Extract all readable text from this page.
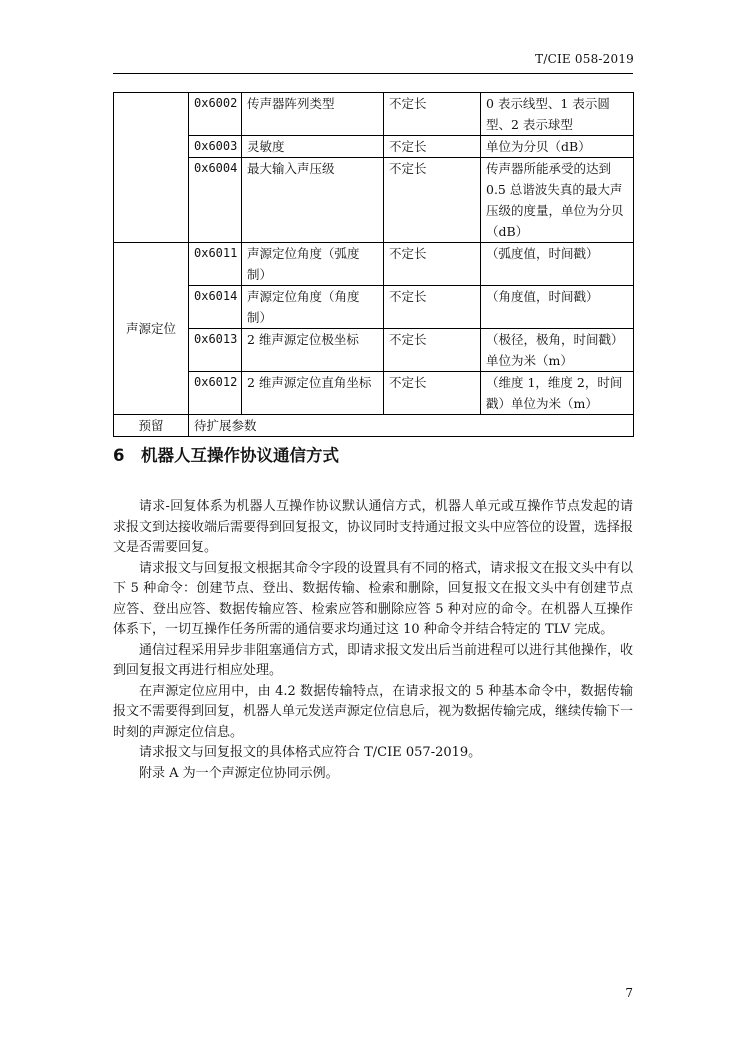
T/CIE 058-2019
	0x6002	传声器阵列类型	不定长	0 表示线型、1 表示圆型、2 表示球型
	0x6003	灵敏度	不定长	单位为分贝（dB）
	0x6004	最大输入声压级	不定长	传声器所能承受的达到 0.5 总谐波失真的最大声压级的度量，单位为分贝（dB）
声源定位	0x6011	声源定位角度（弧度制）	不定长	（弧度值，时间戳）
	0x6014	声源定位角度（角度制）	不定长	（角度值，时间戳）
	0x6013	2 维声源定位极坐标	不定长	（极径，极角，时间戳）单位为米（m）
	0x6012	2 维声源定位直角坐标	不定长	（维度 1，维度 2，时间戳）单位为米（m）
预留	待扩展参数			
6 机器人互操作协议通信方式

请求-回复体系为机器人互操作协议默认通信方式，机器人单元或互操作节点发起的请求报文到达接收端后需要得到回复报文，协议同时支持通过报文头中应答位的设置，选择报文是否需要回复。

请求报文与回复报文根据其命令字段的设置具有不同的格式，请求报文在报文头中有以下 5 种命令：创建节点、登出、数据传输、检索和删除，回复报文在报文头中有创建节点应答、登出应答、数据传输应答、检索应答和删除应答 5 种对应的命令。在机器人互操作体系下，一切互操作任务所需的通信要求均通过这 10 种命令并结合特定的 TLV 完成。

通信过程采用异步非阻塞通信方式，即请求报文发出后当前进程可以进行其他操作，收到回复报文再进行相应处理。

在声源定位应用中，由 4.2 数据传输特点，在请求报文的 5 种基本命令中，数据传输报文不需要得到回复，机器人单元发送声源定位信息后，视为数据传输完成，继续传输下一时刻的声源定位信息。

请求报文与回复报文的具体格式应符合 T/CIE 057-2019。

附录 A 为一个声源定位协同示例。

7
